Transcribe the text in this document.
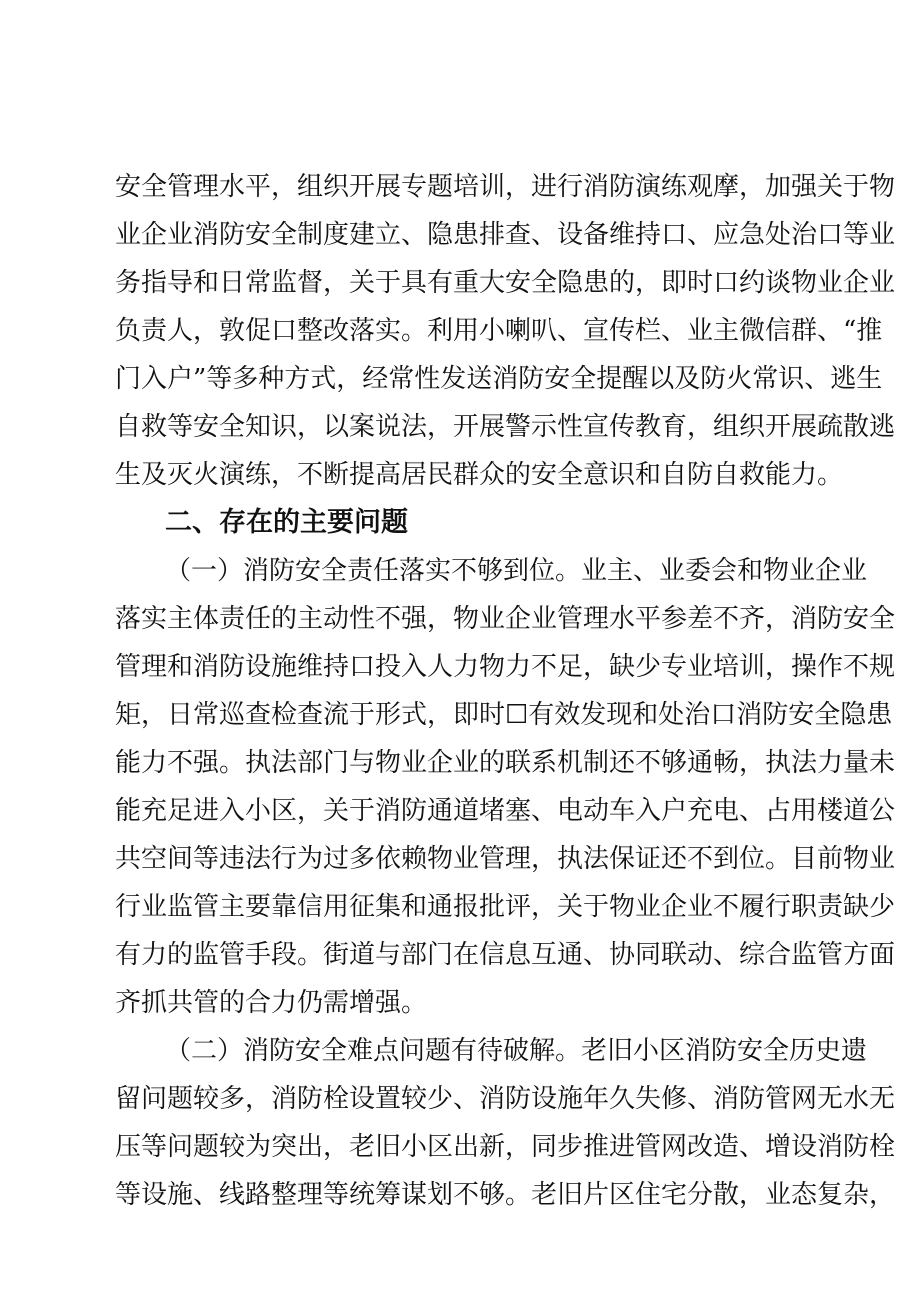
安全管理水平，组织开展专题培训，进行消防演练观摩，加强关于物
业企业消防安全制度建立、隐患排查、设备维持口、应急处治口等业
务指导和日常监督，关于具有重大安全隐患的，即时口约谈物业企业
负责人，敦促口整改落实。利用小喇叭、宣传栏、业主微信群、“推
门入户”等多种方式，经常性发送消防安全提醒以及防火常识、逃生
自救等安全知识，以案说法，开展警示性宣传教育，组织开展疏散逃
生及灭火演练，不断提高居民群众的安全意识和自防自救能力。
二、存在的主要问题
（一）消防安全责任落实不够到位。业主、业委会和物业企业
落实主体责任的主动性不强，物业企业管理水平参差不齐，消防安全
管理和消防设施维持口投入人力物力不足，缺少专业培训，操作不规
矩，日常巡查检查流于形式，即时☐有效发现和处治口消防安全隐患
能力不强。执法部门与物业企业的联系机制还不够通畅，执法力量未
能充足进入小区，关于消防通道堵塞、电动车入户充电、占用楼道公
共空间等违法行为过多依赖物业管理，执法保证还不到位。目前物业
行业监管主要靠信用征集和通报批评，关于物业企业不履行职责缺少
有力的监管手段。街道与部门在信息互通、协同联动、综合监管方面
齐抓共管的合力仍需增强。
（二）消防安全难点问题有待破解。老旧小区消防安全历史遗
留问题较多，消防栓设置较少、消防设施年久失修、消防管网无水无
压等问题较为突出，老旧小区出新，同步推进管网改造、增设消防栓
等设施、线路整理等统筹谋划不够。老旧片区住宅分散，业态复杂，
